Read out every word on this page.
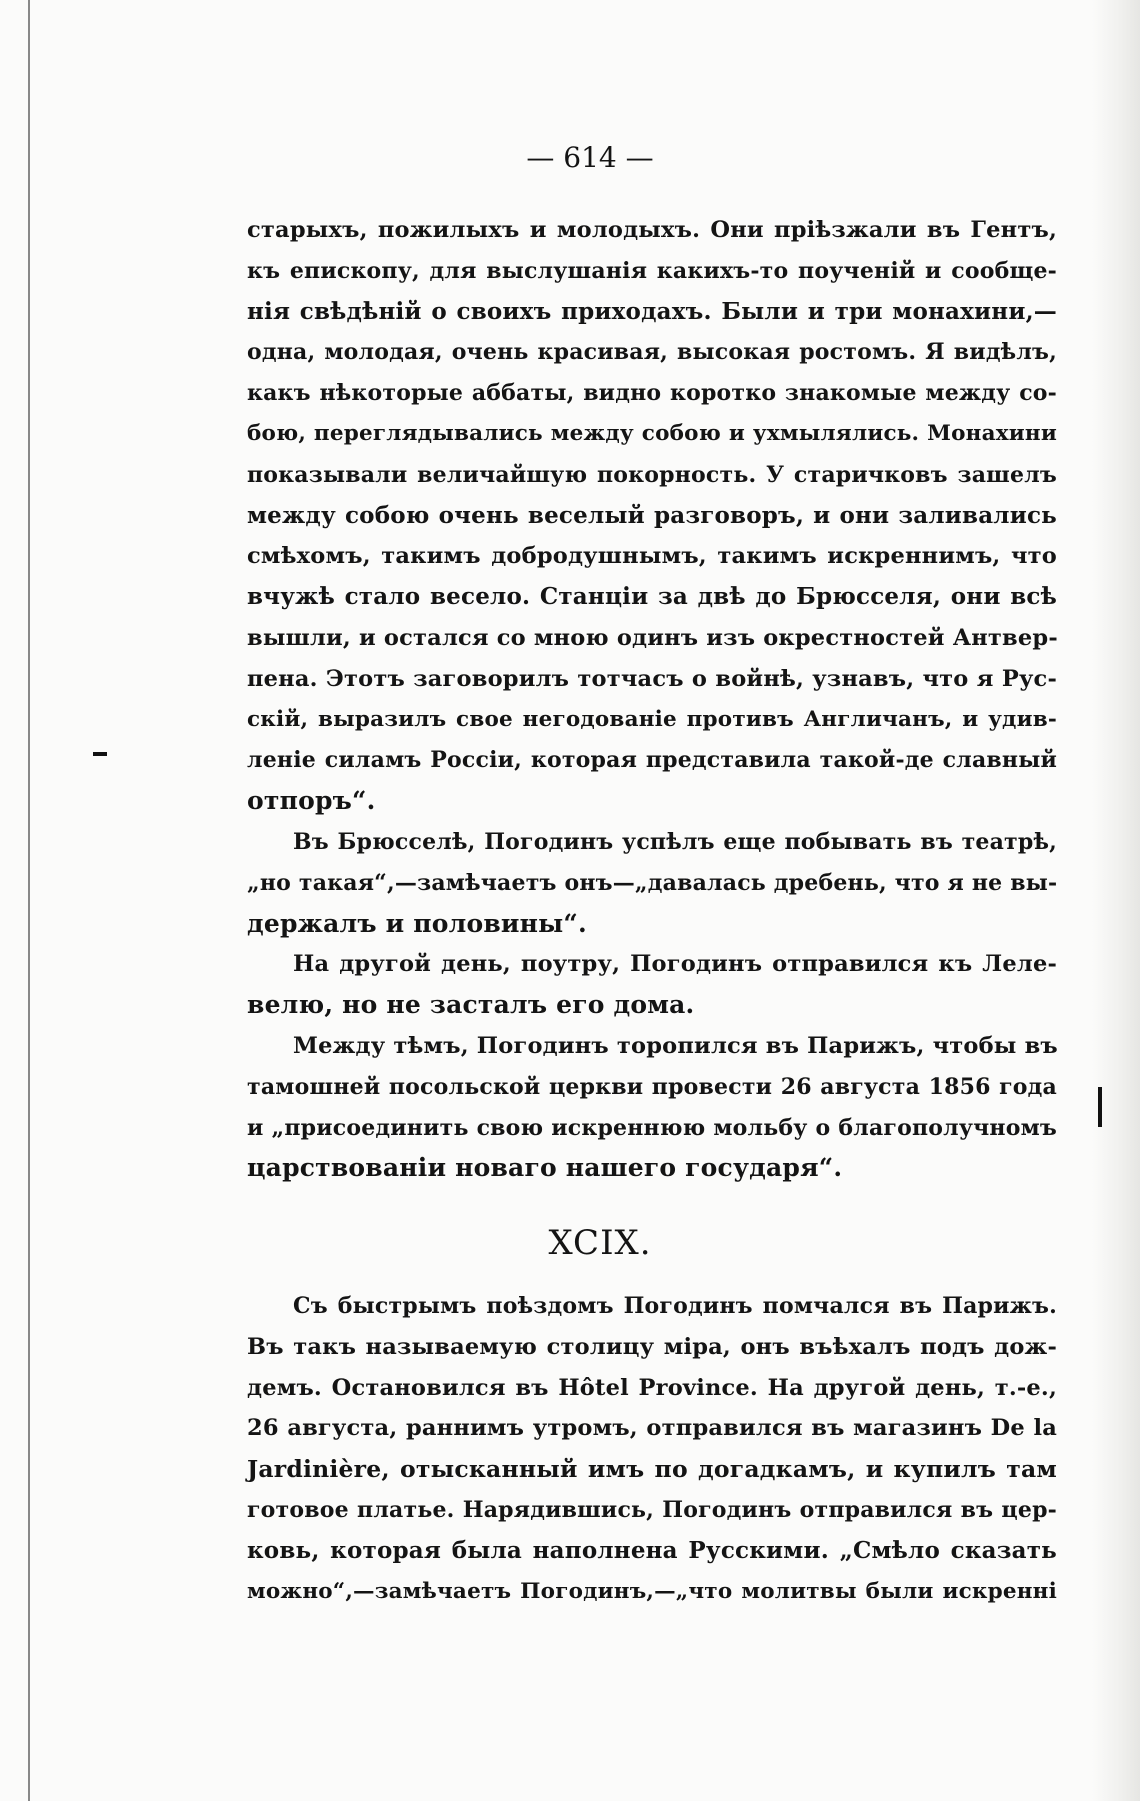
— 614 —
старыхъ, пожилыхъ и молодыхъ. Они пріѣзжали въ Гентъ,
къ епископу, для выслушанія какихъ-то поученій и сообще-
нія свѣдѣній о своихъ приходахъ. Были и три монахини,—
одна, молодая, очень красивая, высокая ростомъ. Я видѣлъ,
какъ нѣкоторые аббаты, видно коротко знакомые между со-
бою, переглядывались между собою и ухмылялись. Монахини
показывали величайшую покорность. У старичковъ зашелъ
между собою очень веселый разговоръ, и они заливались
смѣхомъ, такимъ добродушнымъ, такимъ искреннимъ, что
вчужѣ стало весело. Станціи за двѣ до Брюсселя, они всѣ
вышли, и остался со мною одинъ изъ окрестностей Антвер-
пена. Этотъ заговорилъ тотчасъ о войнѣ, узнавъ, что я Рус-
скій, выразилъ свое негодованіе противъ Англичанъ, и удив-
леніе силамъ Россіи, которая представила такой-де славный
отпоръ“.
Въ Брюсселѣ, Погодинъ успѣлъ еще побывать въ театрѣ,
„но такая“,—замѣчаетъ онъ—„давалась дребень, что я не вы-
держалъ и половины“.
На другой день, поутру, Погодинъ отправился къ Леле-
велю, но не засталъ его дома.
Между тѣмъ, Погодинъ торопился въ Парижъ, чтобы въ
тамошней посольской церкви провести 26 августа 1856 года
и „присоединить свою искреннюю мольбу о благополучномъ
царствованіи новаго нашего государя“.
XCIX.
Съ быстрымъ поѣздомъ Погодинъ помчался въ Парижъ.
Въ такъ называемую столицу міра, онъ въѣхалъ подъ дож-
демъ. Остановился въ Hôtel Province. На другой день, т.-е.,
26 августа, раннимъ утромъ, отправился въ магазинъ De la
Jardinière, отысканный имъ по догадкамъ, и купилъ там
готовое платье. Нарядившись, Погодинъ отправился въ цер-
ковь, которая была наполнена Русскими. „Смѣло сказать
можно“,—замѣчаетъ Погодинъ,—„что молитвы были искренні
